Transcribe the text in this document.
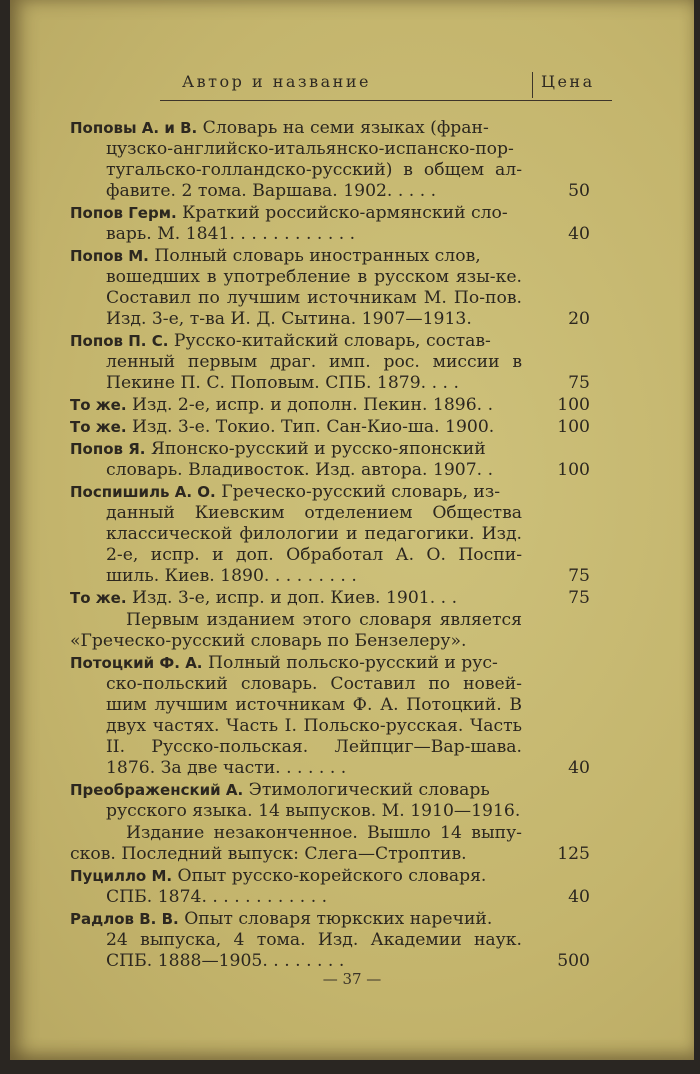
Автор и название	Цена
Поповы А. и В. Словарь на семи языках (фран-
цузско-английско-итальянско-испанско-пор-тугальско-голландско-русский) в общем ал-фавите. 2 тома. Варшава. 1902. . . . .	50
Попов Герм. Краткий российско-армянский сло-
варь. М. 1841. . . . . . . . . . . .	40
Попов М. Полный словарь иностранных слов,
вошедших в употребление в русском язы-ке. Составил по лучшим источникам М. По-пов. Изд. 3-е, т-ва И. Д. Сытина. 1907—1913.	20
Попов П. С. Русско-китайский словарь, состав-
ленный первым драг. имп. рос. миссии в Пекине П. С. Поповым. СПБ. 1879. . . .	75
То же. Изд. 2-е, испр. и дополн. Пекин. 1896. .	100
То же. Изд. 3-е. Токио. Тип. Сан-Кио-ша. 1900.	100
Попов Я. Японско-русский и русско-японский
словарь. Владивосток. Изд. автора. 1907. .	100
Поспишиль А. О. Греческо-русский словарь, из-
данный Киевским отделением Общества классической филологии и педагогики. Изд. 2-е, испр. и доп. Обработал А. О. Поспи-шиль. Киев. 1890. . . . . . . . .	75
То же. Изд. 3-е, испр. и доп. Киев. 1901. . .	75
Первым изданием этого словаря является «Греческо-русский словарь по Бензелеру».
Потоцкий Ф. А. Полный польско-русский и рус-
ско-польский словарь. Составил по новей-шим лучшим источникам Ф. А. Потоцкий. В двух частях. Часть I. Польско-русская. Часть II. Русско-польская. Лейпциг—Вар-шава. 1876. За две части. . . . . . .	40
Преображенский А. Этимологический словарь
русского языка. 14 выпусков. М. 1910—1916.
Издание незаконченное. Вышло 14 выпу-сков. Последний выпуск: Слега—Строптив.	125
Пуцилло М. Опыт русско-корейского словаря.
СПБ. 1874. . . . . . . . . . . .	40
Радлов В. В. Опыт словаря тюркских наречий.
24 выпуска, 4 тома. Изд. Академии наук. СПБ. 1888—1905. . . . . . . .	500
— 37 —
